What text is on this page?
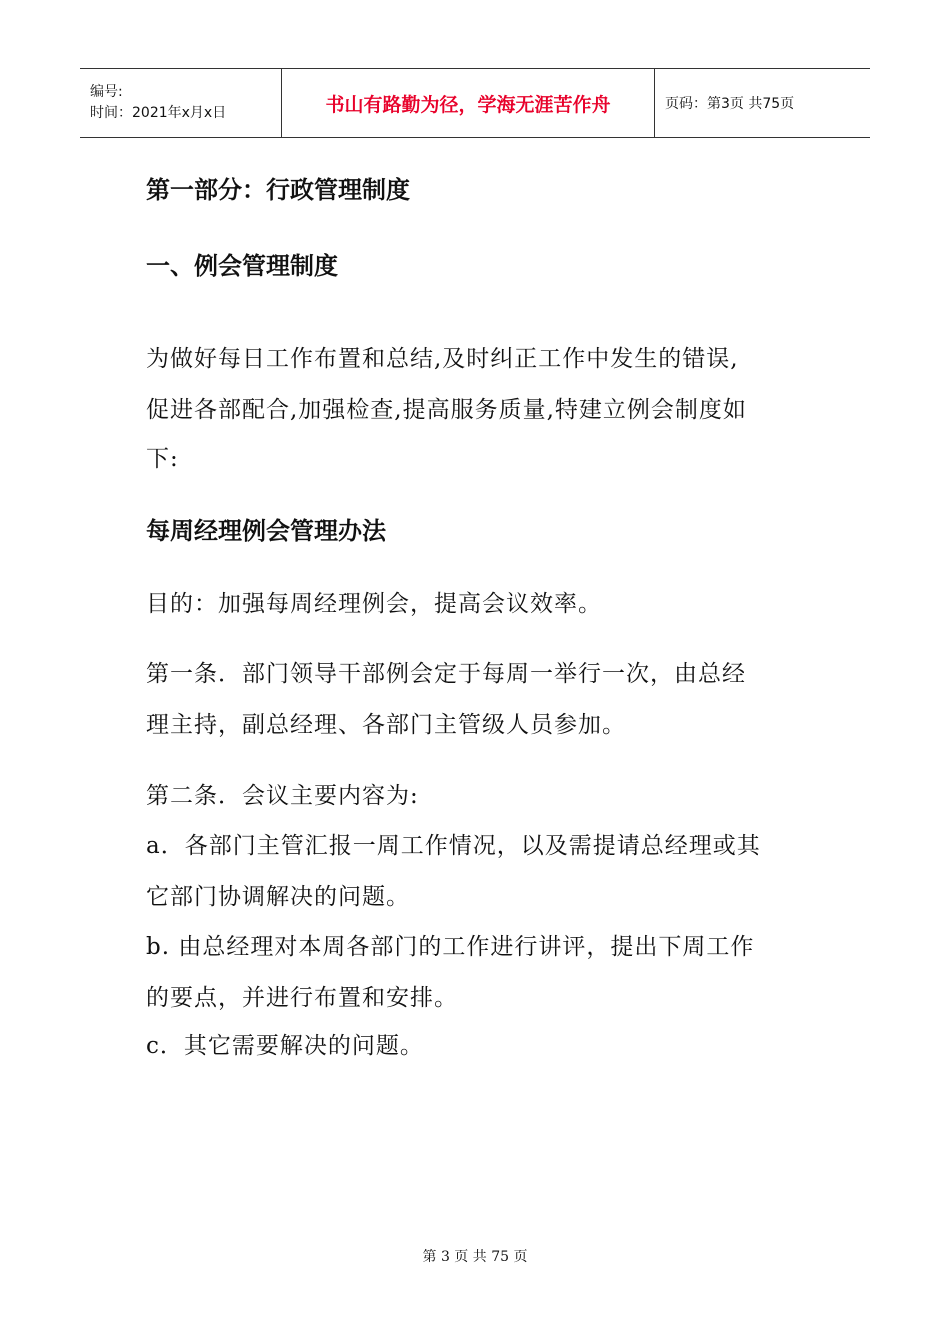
编号:
时间：2021年x月x日	书山有路勤为径，学海无涯苦作舟	页码：第3页 共75页
第一部分：行政管理制度
一、例会管理制度
为做好每日工作布置和总结,及时纠正工作中发生的错误,
促进各部配合,加强检查,提高服务质量,特建立例会制度如
下:
每周经理例会管理办法
目的：加强每周经理例会，提高会议效率。
第一条．部门领导干部例会定于每周一举行一次，由总经
理主持，副总经理、各部门主管级人员参加。
第二条．会议主要内容为:
a．各部门主管汇报一周工作情况，以及需提请总经理或其
它部门协调解决的问题。
b. 由总经理对本周各部门的工作进行讲评，提出下周工作
的要点，并进行布置和安排。
c．其它需要解决的问题。
第 3 页 共 75 页
